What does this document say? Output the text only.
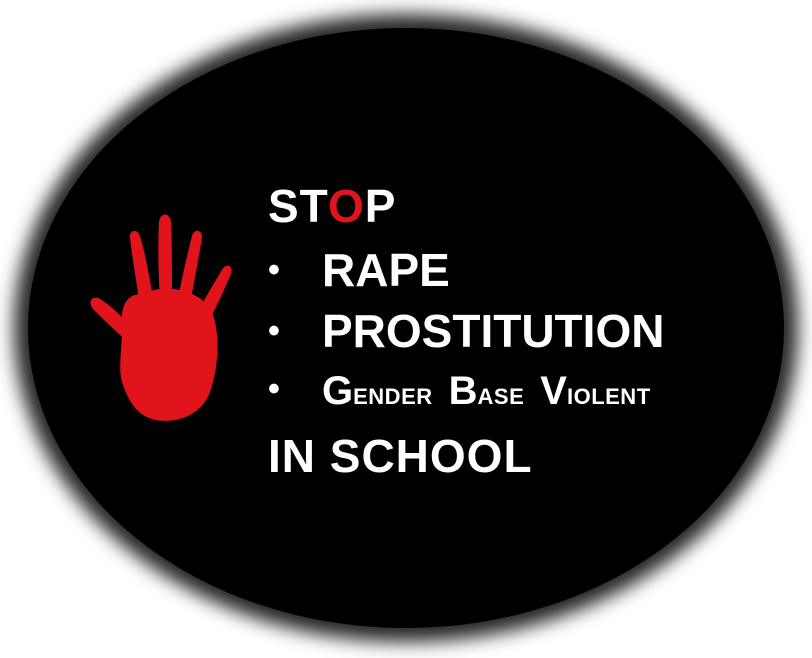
STOP
• RAPE
• PROSTITUTION
• GENDER BASE VIOLENT
IN SCHOOL
